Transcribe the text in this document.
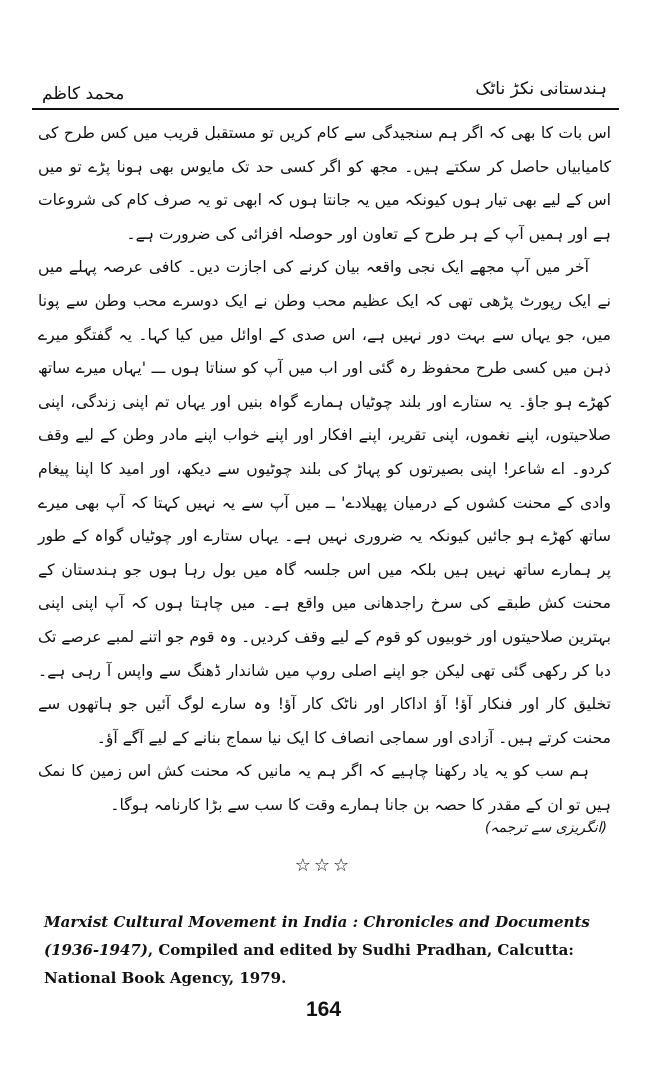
محمد کاظم	ہندستانی نکڑ ناٹک

اس بات کا بھی کہ اگر ہم سنجیدگی سے کام کریں تو مستقبل قریب میں کس طرح کی کامیابیاں حاصل کر سکتے ہیں۔ مجھ کو اگر کسی حد تک مایوس بھی ہونا پڑے تو میں اس کے لیے بھی تیار ہوں کیونکہ میں یہ جانتا ہوں کہ ابھی تو یہ صرف کام کی شروعات ہے اور ہمیں آپ کے ہر طرح کے تعاون اور حوصلہ افزائی کی ضرورت ہے۔

آخر میں آپ مجھے ایک نجی واقعہ بیان کرنے کی اجازت دیں۔ کافی عرصہ پہلے میں نے ایک رپورٹ پڑھی تھی کہ ایک عظیم محب وطن نے ایک دوسرے محب وطن سے پونا میں، جو یہاں سے بہت دور نہیں ہے، اس صدی کے اوائل میں کیا کہا۔ یہ گفتگو میرے ذہن میں کسی طرح محفوظ رہ گئی اور اب میں آپ کو سناتا ہوں ـــ 'یہاں میرے ساتھ کھڑے ہو جاؤ۔ یہ ستارے اور بلند چوٹیاں ہمارے گواہ بنیں اور یہاں تم اپنی زندگی، اپنی صلاحیتوں، اپنے نغموں، اپنی تقریر، اپنے افکار اور اپنے خواب اپنے مادر وطن کے لیے وقف کردو۔ اے شاعر! اپنی بصیرتوں کو پہاڑ کی بلند چوٹیوں سے دیکھ، اور امید کا اپنا پیغام وادی کے محنت کشوں کے درمیان پھیلادے' ــ میں آپ سے یہ نہیں کہتا کہ آپ بھی میرے ساتھ کھڑے ہو جائیں کیونکہ یہ ضروری نہیں ہے۔ یہاں ستارے اور چوٹیاں گواہ کے طور پر ہمارے ساتھ نہیں ہیں بلکہ میں اس جلسہ گاہ میں بول رہا ہوں جو ہندستان کے محنت کش طبقے کی سرخ راجدھانی میں واقع ہے۔ میں چاہتا ہوں کہ آپ اپنی اپنی بہترین صلاحیتوں اور خوبیوں کو قوم کے لیے وقف کردیں۔ وہ قوم جو اتنے لمبے عرصے تک دبا کر رکھی گئی تھی لیکن جو اپنے اصلی روپ میں شاندار ڈھنگ سے واپس آ رہی ہے۔ تخلیق کار اور فنکار آؤ! آؤ اداکار اور ناٹک کار آؤ! وہ سارے لوگ آئیں جو ہاتھوں سے محنت کرتے ہیں۔ آزادی اور سماجی انصاف کا ایک نیا سماج بنانے کے لیے آگے آؤ۔

ہم سب کو یہ یاد رکھنا چاہیے کہ اگر ہم یہ مانیں کہ محنت کش اس زمین کا نمک ہیں تو ان کے مقدر کا حصہ بن جانا ہمارے وقت کا سب سے بڑا کارنامہ ہوگا۔

(انگریزی سے ترجمہ)
☆☆☆
Marxist Cultural Movement in India : Chronicles and Documents (1936-1947), Compiled and edited by Sudhi Pradhan, Calcutta: National Book Agency, 1979.
164
